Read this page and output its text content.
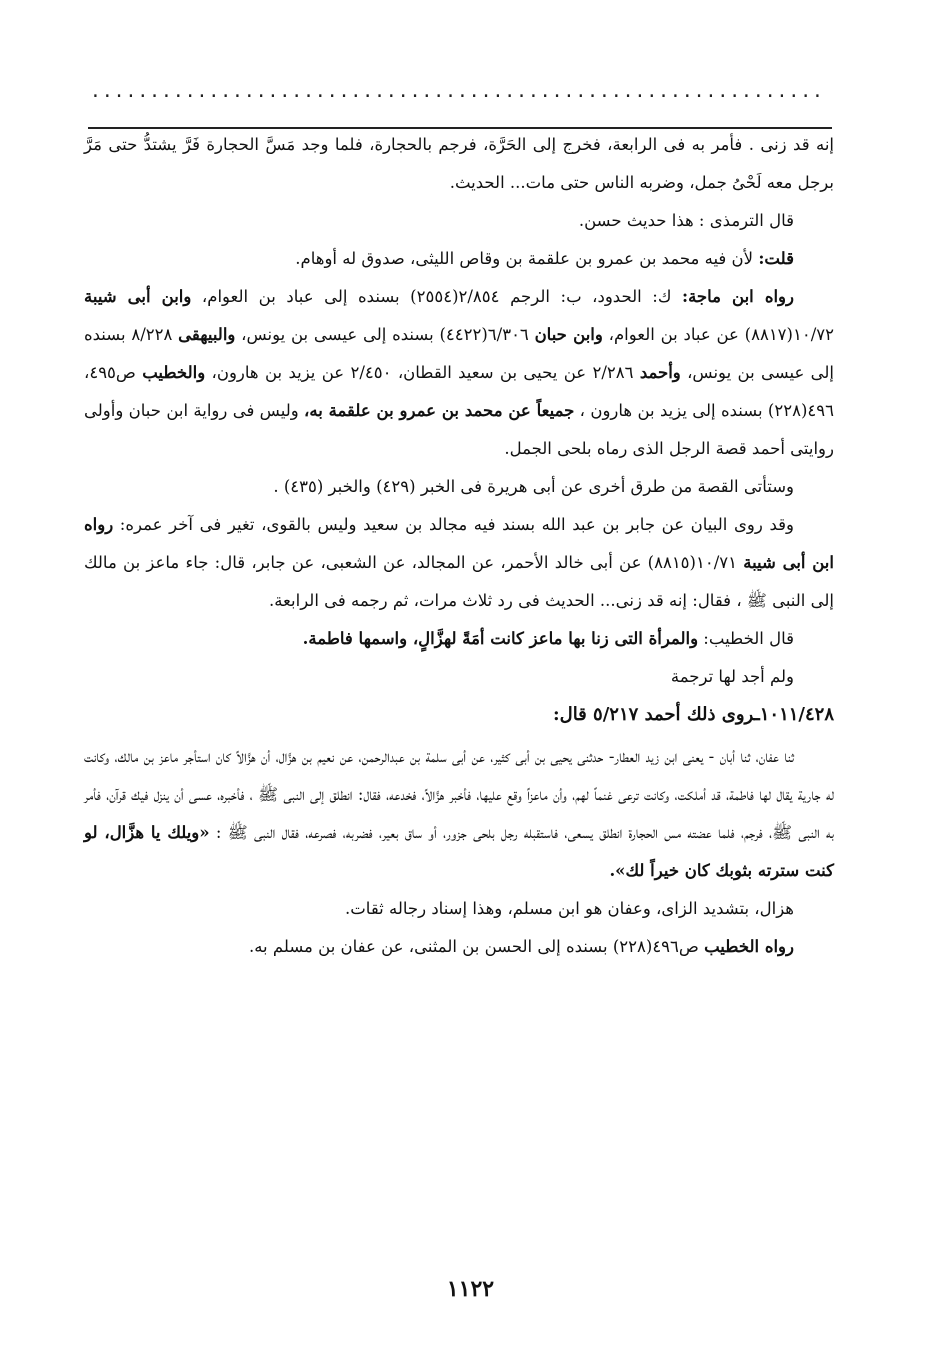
..............................................................

إنه قد زنى . فأمر به فى الرابعة، فخرج إلى الحَرَّة، فرجم بالحجارة، فلما وجد مَسَّ الحجارة فَرَّ يشتدُّ حتى مَرَّ برجل معه لَحْىُ جمل، وضربه الناس حتى مات... الحديث.

قال الترمذى : هذا حديث حسن.

قلت: لأن فيه محمد بن عمرو بن علقمة بن وقاص الليثى، صدوق له أوهام.

رواه ابن ماجة: ك: الحدود، ب: الرجم ٢/٨٥٤(٢٥٥٤) بسنده إلى عباد بن العوام، وابن أبى شيبة ١٠/٧٢(٨٨١٧) عن عباد بن العوام، وابن حبان ٦/٣٠٦(٤٤٢٢) بسنده إلى عيسى بن يونس، والبيهقى ٨/٢٢٨ بسنده إلى عيسى بن يونس، وأحمد ٢/٢٨٦ عن يحيى بن سعيد القطان، ٢/٤٥٠ عن يزيد بن هارون، والخطيب ص٤٩٥، ٤٩٦(٢٢٨) بسنده إلى يزيد بن هارون ، جميعاً عن محمد بن عمرو بن علقمة به، وليس فى رواية ابن حبان وأولى روايتى أحمد قصة الرجل الذى رماه بلحى الجمل.

وستأتى القصة من طرق أخرى عن أبى هريرة فى الخبر (٤٢٩) والخبر (٤٣٥) .

وقد روى البيان عن جابر بن عبد الله بسند فيه مجالد بن سعيد وليس بالقوى، تغير فى آخر عمره: رواه ابن أبى شيبة ١٠/٧١(٨٨١٥) عن أبى خالد الأحمر، عن المجالد، عن الشعبى، عن جابر، قال: جاء ماعز بن مالك إلى النبى ﷺ ، فقال: إنه قد زنى... الحديث فى رد ثلاث مرات، ثم رجمه فى الرابعة.

قال الخطيب: والمرأة التى زنا بها ماعز كانت أمَةً لهزَّالٍ، واسمها فاطمة.

ولم أجد لها ترجمة

١٠١١/٤٢٨ـروى ذلك أحمد ٥/٢١٧ قال:

ثنا عفان، ثنا أبان - يعنى ابن زيد العطار- حدثنى يحيى بن أبى كثير، عن أبى سلمة بن عبدالرحمن، عن نعيم بن هزَّال، أن هزَّالاً كان استأجر ماعز بن مالك، وكانت له جارية يقال لها فاطمة، قد أملكت، وكانت ترعى غنماً لهم، وأن ماعزاً وقع عليها، فأخبر هزَّالاً، فخدعه، فقال: انطلق إلى النبى ﷺ ، فأخبره، عسى أن ينزل فيك قرآن، فأمر به النبى ﷺ، فرجم، فلما عضته مس الحجارة انطلق يسعى، فاستقبله رجل بلحى جزور، أو ساق بعير، فضربه، فصرعه، فقال النبى ﷺ : «ويلك يا هزَّال، لو كنت سترته بثوبك كان خيراً لك».

هزال، بتشديد الزاى، وعفان هو ابن مسلم، وهذا إسناد رجاله ثقات.

رواه الخطيب ص٤٩٦(٢٢٨) بسنده إلى الحسن بن المثنى، عن عفان بن مسلم به.

١١٢٢
